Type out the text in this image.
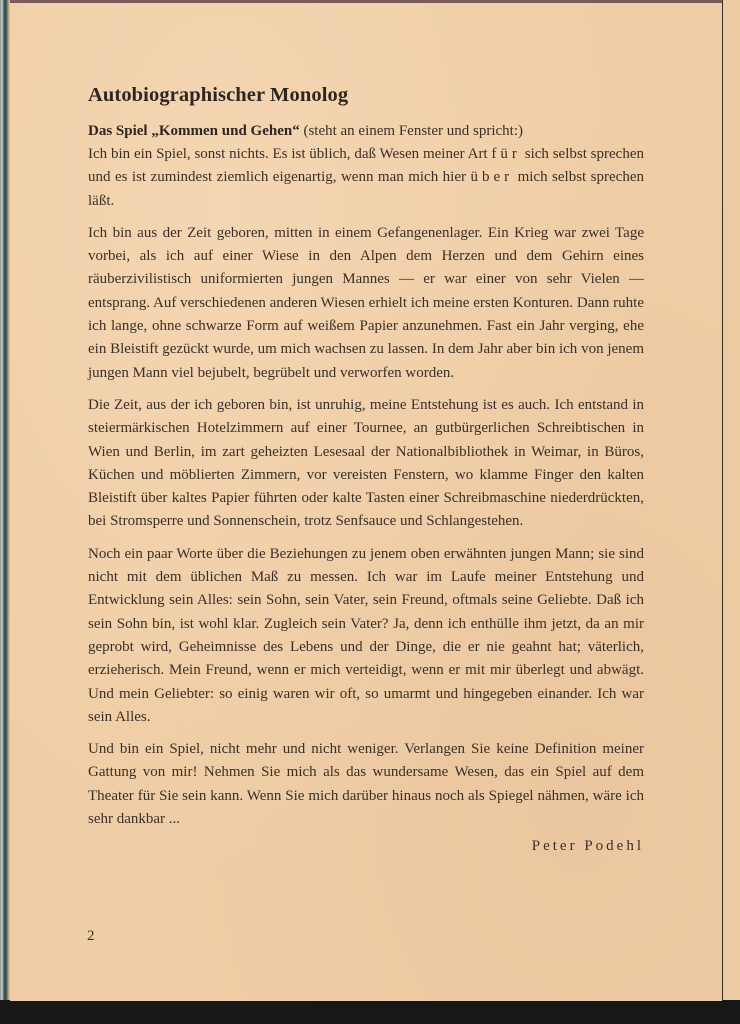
Autobiographischer Monolog
Das Spiel „Kommen und Gehen“ (steht an einem Fenster und spricht:)

Ich bin ein Spiel, sonst nichts. Es ist üblich, daß Wesen meiner Art für sich selbst sprechen und es ist zumindest ziemlich eigenartig, wenn man mich hier über mich selbst sprechen läßt.

Ich bin aus der Zeit geboren, mitten in einem Gefangenenlager. Ein Krieg war zwei Tage vorbei, als ich auf einer Wiese in den Alpen dem Herzen und dem Gehirn eines räuberzivilistisch uniformierten jungen Mannes — er war einer von sehr Vielen — entsprang. Auf verschiedenen anderen Wiesen erhielt ich meine ersten Konturen. Dann ruhte ich lange, ohne schwarze Form auf weißem Papier anzunehmen. Fast ein Jahr verging, ehe ein Bleistift gezückt wurde, um mich wachsen zu lassen. In dem Jahr aber bin ich von jenem jungen Mann viel bejubelt, begrübelt und verworfen worden.

Die Zeit, aus der ich geboren bin, ist unruhig, meine Entstehung ist es auch. Ich entstand in steiermärkischen Hotelzimmern auf einer Tournee, an gutbürgerlichen Schreibtischen in Wien und Berlin, im zart geheizten Lesesaal der Nationalbibliothek in Weimar, in Büros, Küchen und möblierten Zimmern, vor vereisten Fenstern, wo klamme Finger den kalten Bleistift über kaltes Papier führten oder kalte Tasten einer Schreibmaschine niederdrückten, bei Stromsperre und Sonnenschein, trotz Senfsauce und Schlangestehen.

Noch ein paar Worte über die Beziehungen zu jenem oben erwähnten jungen Mann; sie sind nicht mit dem üblichen Maß zu messen. Ich war im Laufe meiner Entstehung und Entwicklung sein Alles: sein Sohn, sein Vater, sein Freund, oftmals seine Geliebte. Daß ich sein Sohn bin, ist wohl klar. Zugleich sein Vater? Ja, denn ich enthülle ihm jetzt, da an mir geprobt wird, Geheimnisse des Lebens und der Dinge, die er nie geahnt hat; väterlich, erzieherisch. Mein Freund, wenn er mich verteidigt, wenn er mit mir überlegt und abwägt. Und mein Geliebter: so einig waren wir oft, so umarmt und hingegeben einander. Ich war sein Alles.

Und bin ein Spiel, nicht mehr und nicht weniger. Verlangen Sie keine Definition meiner Gattung von mir! Nehmen Sie mich als das wundersame Wesen, das ein Spiel auf dem Theater für Sie sein kann. Wenn Sie mich darüber hinaus noch als Spiegel nähmen, wäre ich sehr dankbar ...

Peter Podehl
2
